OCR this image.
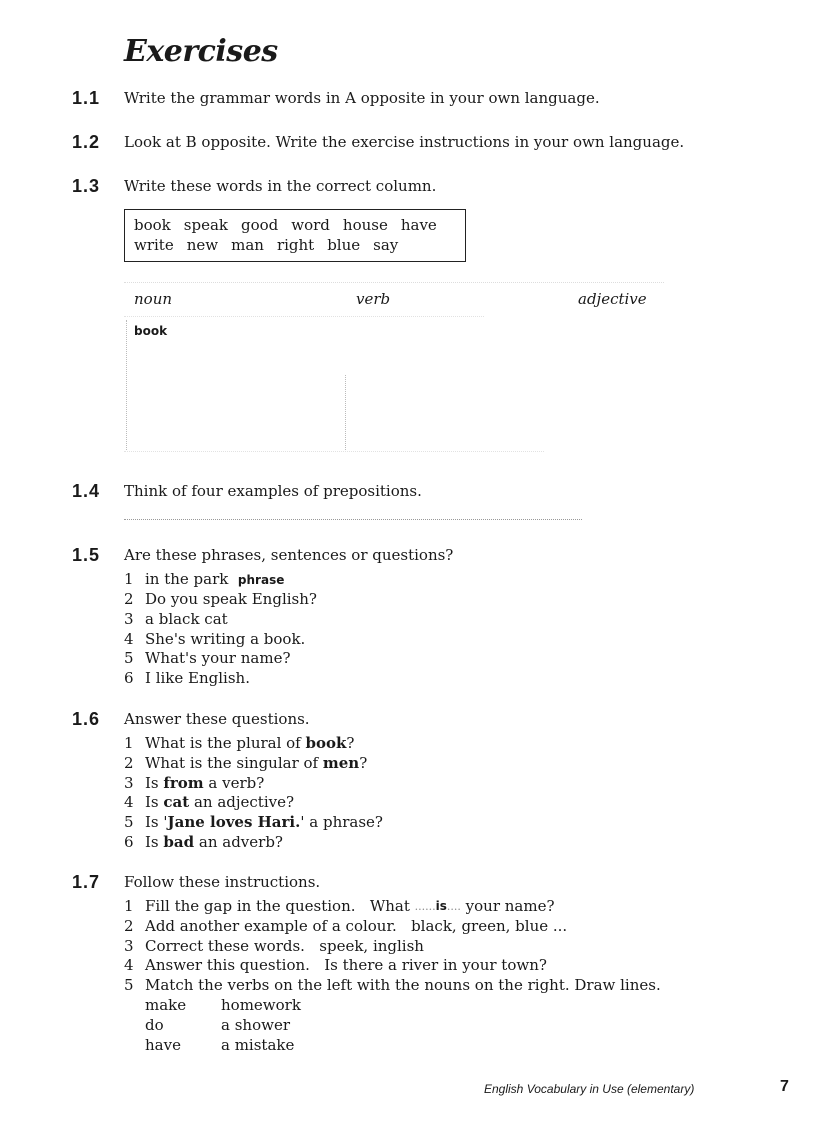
Exercises
1.1 Write the grammar words in A opposite in your own language.
1.2 Look at B opposite. Write the exercise instructions in your own language.
1.3 Write these words in the correct column.
book speak good word house have
write new man right blue say
noun	verb	adjective
book
1.4 Think of four examples of prepositions.
1.5 Are these phrases, sentences or questions?
1 in the park
phrase
2 Do you speak English?
3 a black cat
4 She's writing a book.
5 What's your name?
6 I like English.
1.6 Answer these questions.
1 What is the plural of book ?
2 What is the singular of men ?
3 Is from a verb?
4 Is cat an adjective?
5 Is ' Jane loves Hari. ' a phrase?
6 Is bad an adverb?
1.7 Follow these instructions.
1 Fill the gap in the question.
What ...... is .... your name?
2 Add another example of a colour.
black, green, blue ...
3 Correct these words.
speek, inglish
4 Answer this question.
Is there a river in your town?
5 Match the verbs on the left with the nouns on the right. Draw lines.
make	homework
do	a shower
have	a mistake
English Vocabulary in Use (elementary)	7
